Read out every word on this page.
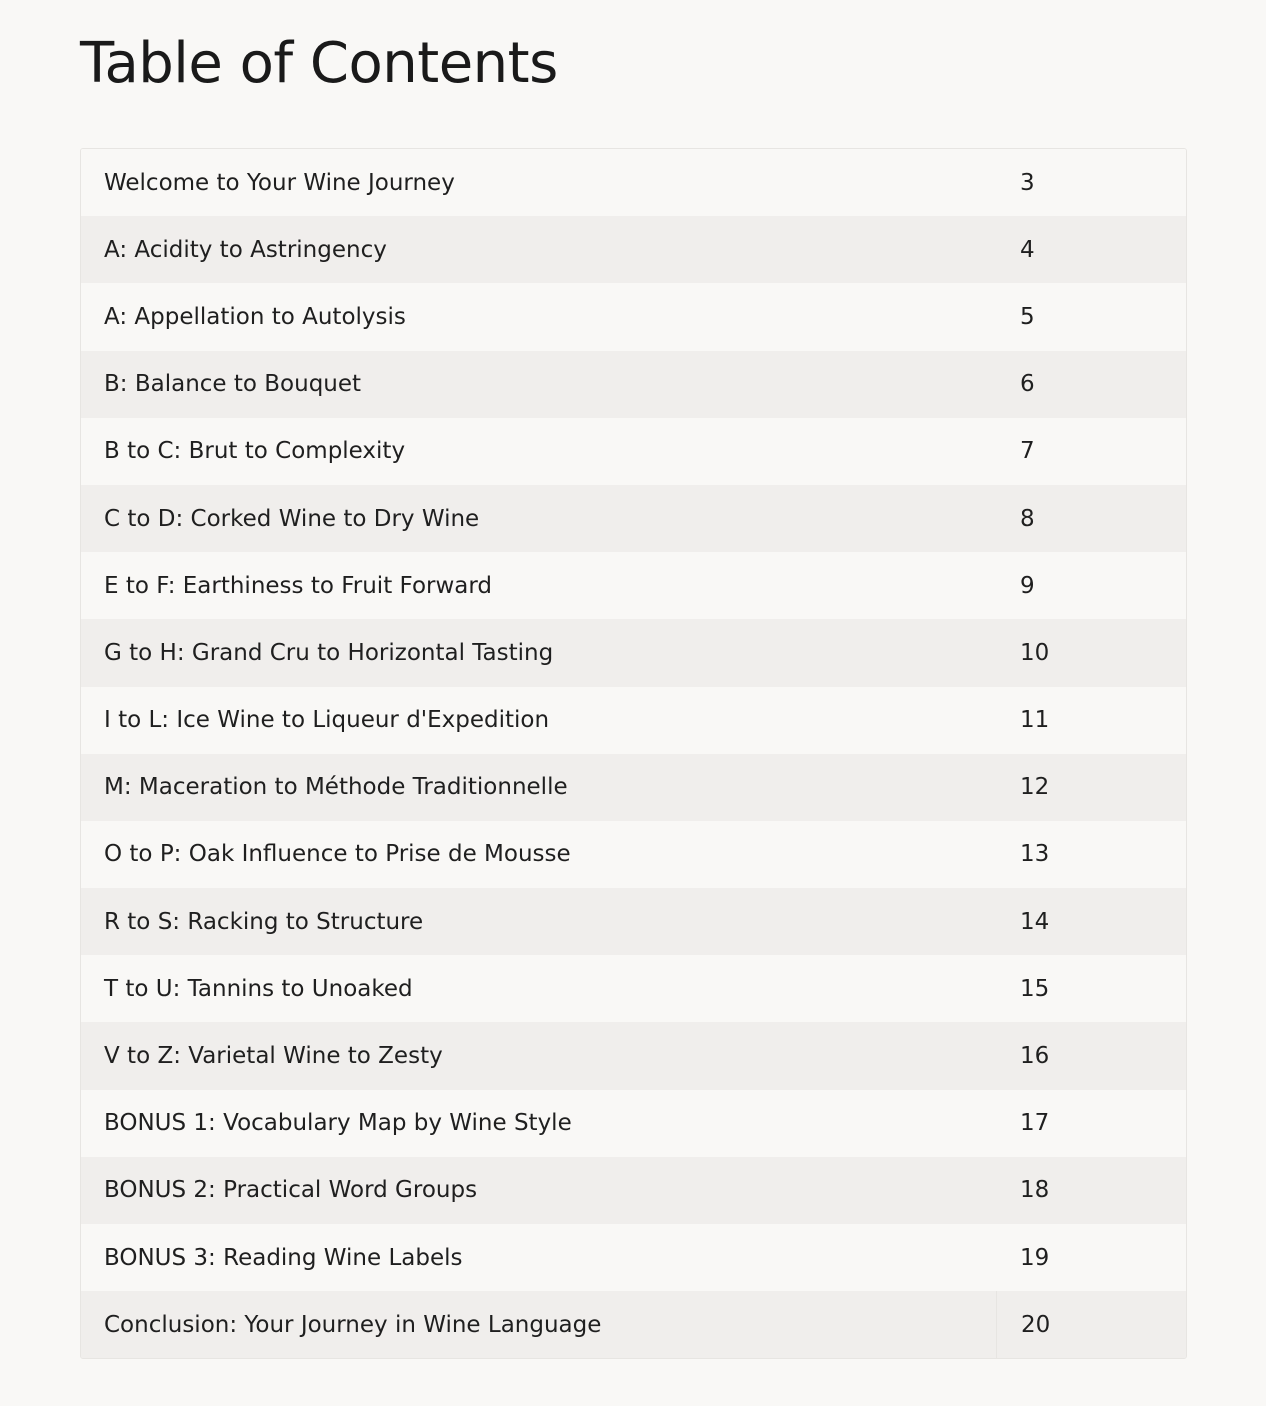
Table of Contents
Welcome to Your Wine Journey	3
A: Acidity to Astringency	4
A: Appellation to Autolysis	5
B: Balance to Bouquet	6
B to C: Brut to Complexity	7
C to D: Corked Wine to Dry Wine	8
E to F: Earthiness to Fruit Forward	9
G to H: Grand Cru to Horizontal Tasting	10
I to L: Ice Wine to Liqueur d'Expedition	11
M: Maceration to Méthode Traditionnelle	12
O to P: Oak Influence to Prise de Mousse	13
R to S: Racking to Structure	14
T to U: Tannins to Unoaked	15
V to Z: Varietal Wine to Zesty	16
BONUS 1: Vocabulary Map by Wine Style	17
BONUS 2: Practical Word Groups	18
BONUS 3: Reading Wine Labels	19
Conclusion: Your Journey in Wine Language	20
